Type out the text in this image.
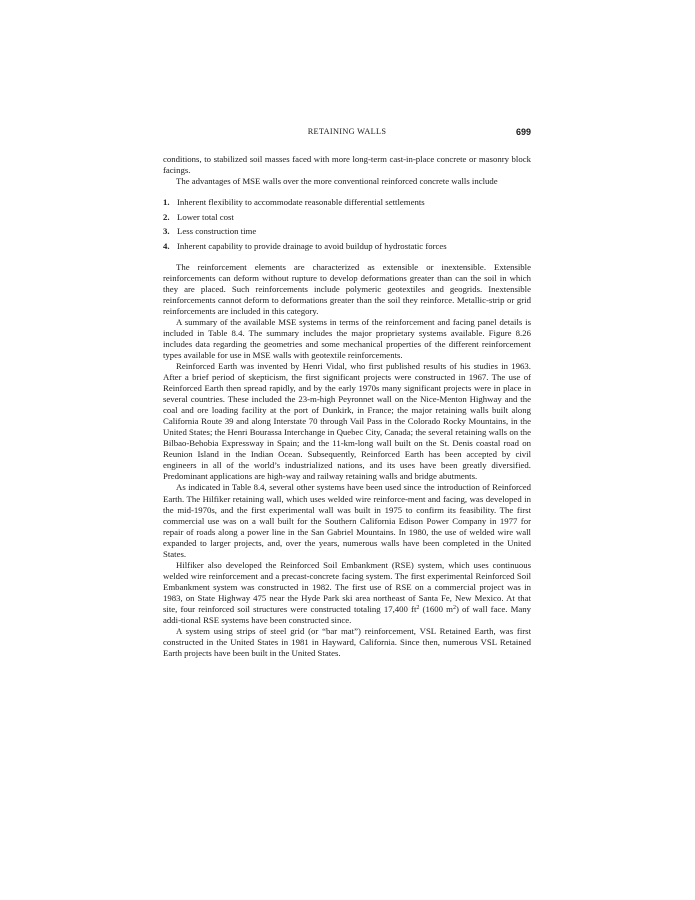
RETAINING WALLS	699

conditions, to stabilized soil masses faced with more long-term cast-in-place concrete or masonry block facings.

The advantages of MSE walls over the more conventional reinforced concrete walls include

1. Inherent flexibility to accommodate reasonable differential settlements
2. Lower total cost
3. Less construction time
4. Inherent capability to provide drainage to avoid buildup of hydrostatic forces

The reinforcement elements are characterized as extensible or inextensible. Extensible reinforcements can deform without rupture to develop deformations greater than can the soil in which they are placed. Such reinforcements include polymeric geotextiles and geogrids. Inextensible reinforcements cannot deform to deformations greater than the soil they reinforce. Metallic-strip or grid reinforcements are included in this category.

A summary of the available MSE systems in terms of the reinforcement and facing panel details is included in Table 8.4. The summary includes the major proprietary systems available. Figure 8.26 includes data regarding the geometries and some mechanical properties of the different reinforcement types available for use in MSE walls with geotextile reinforcements.

Reinforced Earth was invented by Henri Vidal, who first published results of his studies in 1963. After a brief period of skepticism, the first significant projects were constructed in 1967. The use of Reinforced Earth then spread rapidly, and by the early 1970s many significant projects were in place in several countries. These included the 23-m-high Peyronnet wall on the Nice-Menton Highway and the coal and ore loading facility at the port of Dunkirk, in France; the major retaining walls built along California Route 39 and along Interstate 70 through Vail Pass in the Colorado Rocky Mountains, in the United States; the Henri Bourassa Interchange in Quebec City, Canada; the several retaining walls on the Bilbao-Behobia Expressway in Spain; and the 11-km-long wall built on the St. Denis coastal road on Reunion Island in the Indian Ocean. Subsequently, Reinforced Earth has been accepted by civil engineers in all of the world’s industrialized nations, and its uses have been greatly diversified. Predominant applications are high-way and railway retaining walls and bridge abutments.

As indicated in Table 8.4, several other systems have been used since the introduction of Reinforced Earth. The Hilfiker retaining wall, which uses welded wire reinforce-ment and facing, was developed in the mid-1970s, and the first experimental wall was built in 1975 to confirm its feasibility. The first commercial use was on a wall built for the Southern California Edison Power Company in 1977 for repair of roads along a power line in the San Gabriel Mountains. In 1980, the use of welded wire wall expanded to larger projects, and, over the years, numerous walls have been completed in the United States.

Hilfiker also developed the Reinforced Soil Embankment (RSE) system, which uses continuous welded wire reinforcement and a precast-concrete facing system. The first experimental Reinforced Soil Embankment system was constructed in 1982. The first use of RSE on a commercial project was in 1983, on State Highway 475 near the Hyde Park ski area northeast of Santa Fe, New Mexico. At that site, four reinforced soil structures were constructed totaling 17,400 $ft^2$ (1600 $m^2$) of wall face. Many addi-tional RSE systems have been constructed since.

A system using strips of steel grid (or “bar mat”) reinforcement, VSL Retained Earth, was first constructed in the United States in 1981 in Hayward, California. Since then, numerous VSL Retained Earth projects have been built in the United States.
